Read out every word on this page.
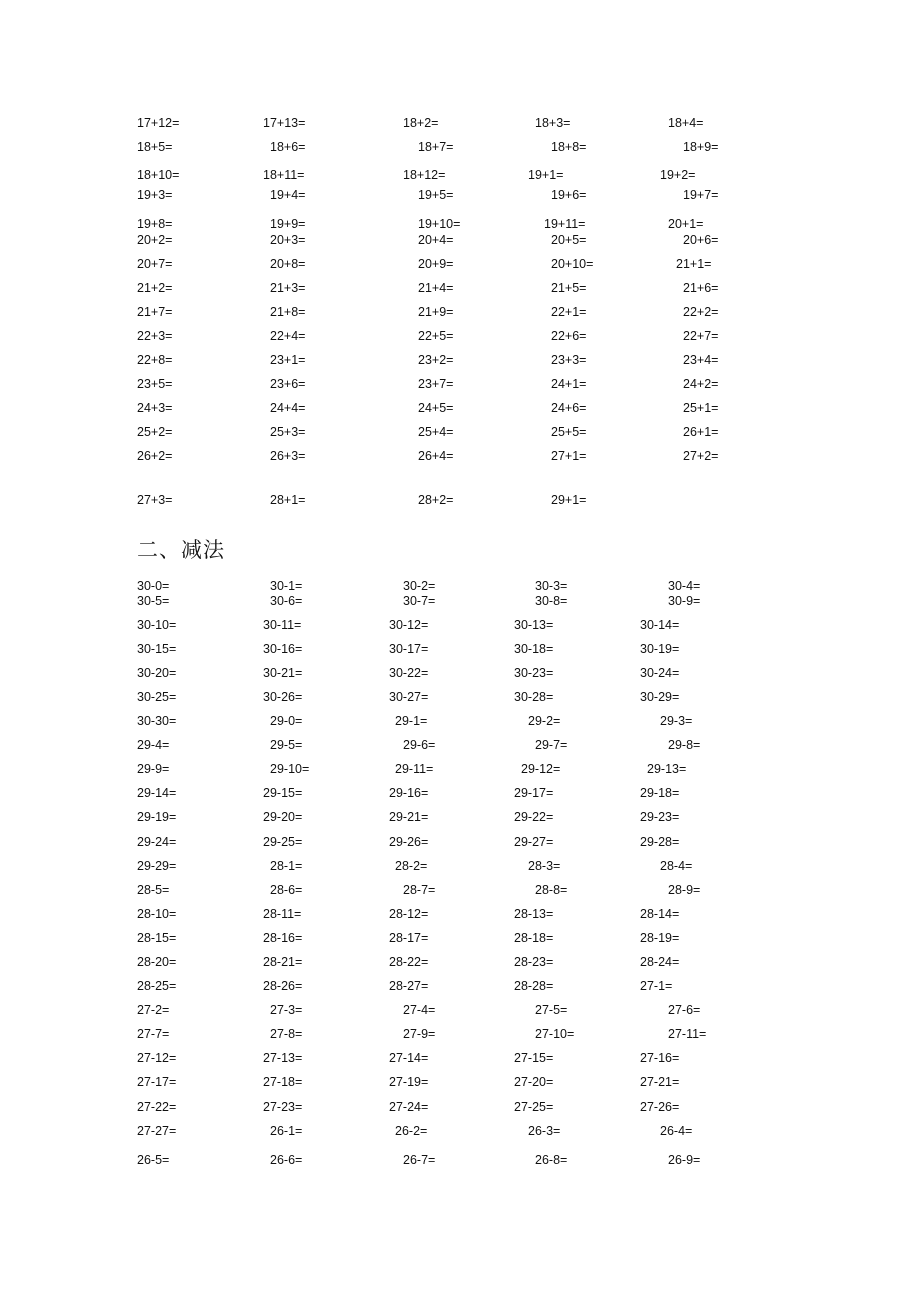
17+12=	17+13=	18+2=	18+3=	18+4=
18+5=	18+6=	18+7=	18+8=	18+9=
18+10=	18+11=	18+12=	19+1=	19+2=
19+3=	19+4=	19+5=	19+6=	19+7=
19+8=	19+9=	19+10=	19+11=	20+1=
20+2=	20+3=	20+4=	20+5=	20+6=
20+7=	20+8=	20+9=	20+10=	21+1=
21+2=	21+3=	21+4=	21+5=	21+6=
21+7=	21+8=	21+9=	22+1=	22+2=
22+3=	22+4=	22+5=	22+6=	22+7=
22+8=	23+1=	23+2=	23+3=	23+4=
23+5=	23+6=	23+7=	24+1=	24+2=
24+3=	24+4=	24+5=	24+6=	25+1=
25+2=	25+3=	25+4=	25+5=	26+1=
26+2=	26+3=	26+4=	27+1=	27+2=
27+3=	28+1=	28+2=	29+1=
二、减法
30-0=	30-1=	30-2=	30-3=	30-4=
30-5=	30-6=	30-7=	30-8=	30-9=
30-10=	30-11=	30-12=	30-13=	30-14=
30-15=	30-16=	30-17=	30-18=	30-19=
30-20=	30-21=	30-22=	30-23=	30-24=
30-25=	30-26=	30-27=	30-28=	30-29=
30-30=	29-0=	29-1=	29-2=	29-3=
29-4=	29-5=	29-6=	29-7=	29-8=
29-9=	29-10=	29-11=	29-12=	29-13=
29-14=	29-15=	29-16=	29-17=	29-18=
29-19=	29-20=	29-21=	29-22=	29-23=
29-24=	29-25=	29-26=	29-27=	29-28=
29-29=	28-1=	28-2=	28-3=	28-4=
28-5=	28-6=	28-7=	28-8=	28-9=
28-10=	28-11=	28-12=	28-13=	28-14=
28-15=	28-16=	28-17=	28-18=	28-19=
28-20=	28-21=	28-22=	28-23=	28-24=
28-25=	28-26=	28-27=	28-28=	27-1=
27-2=	27-3=	27-4=	27-5=	27-6=
27-7=	27-8=	27-9=	27-10=	27-11=
27-12=	27-13=	27-14=	27-15=	27-16=
27-17=	27-18=	27-19=	27-20=	27-21=
27-22=	27-23=	27-24=	27-25=	27-26=
27-27=	26-1=	26-2=	26-3=	26-4=
26-5=	26-6=	26-7=	26-8=	26-9=
